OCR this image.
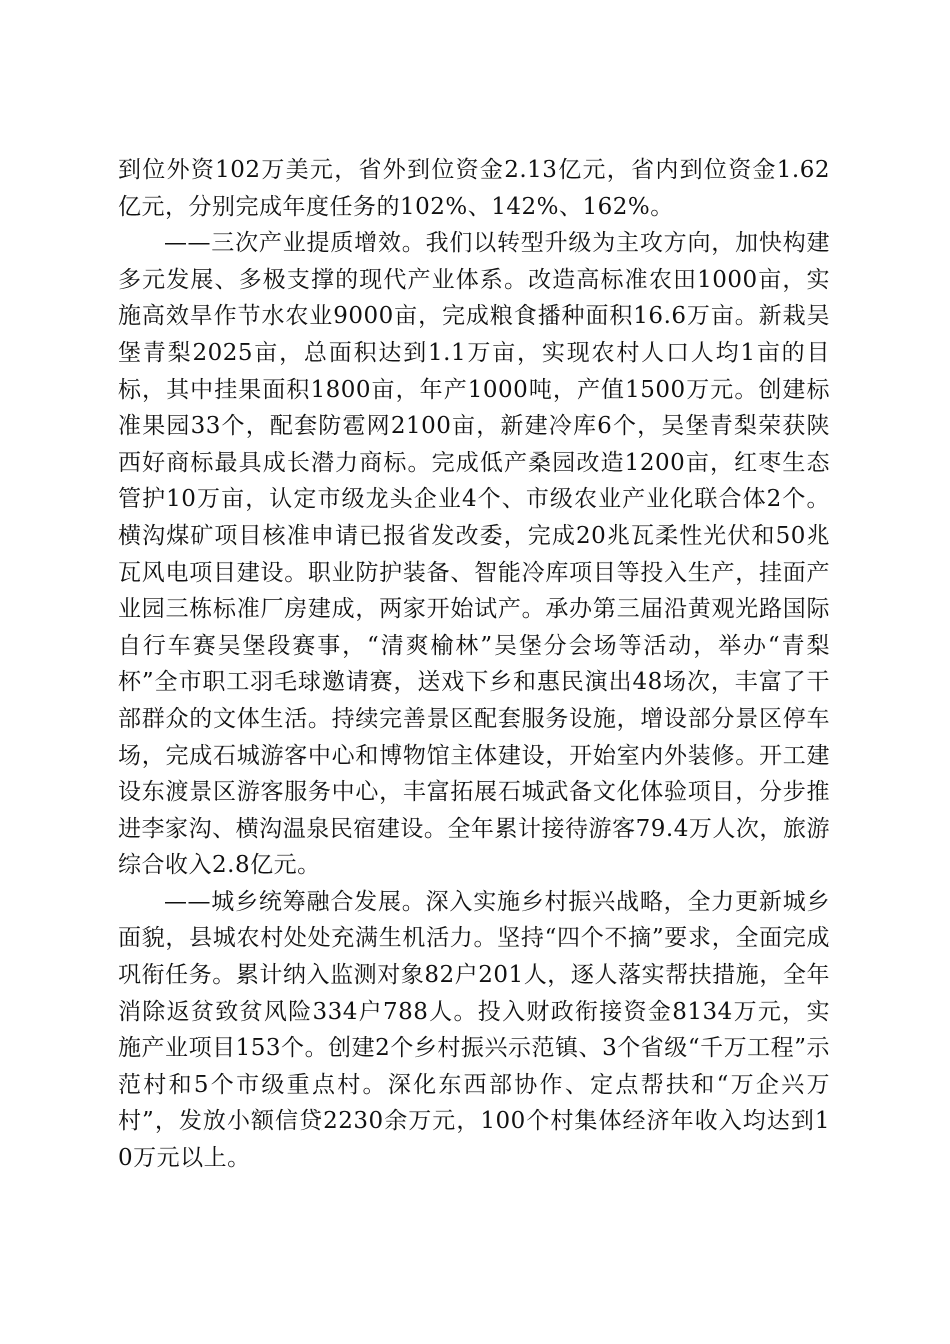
到位外资102万美元，省外到位资金2.13亿元，省内到位资金1.62亿元，分别完成年度任务的102%、142%、162%。

——三次产业提质增效。我们以转型升级为主攻方向，加快构建多元发展、多极支撑的现代产业体系。改造高标准农田1000亩，实施高效旱作节水农业9000亩，完成粮食播种面积16.6万亩。新栽吴堡青梨2025亩，总面积达到1.1万亩，实现农村人口人均1亩的目标，其中挂果面积1800亩，年产1000吨，产值1500万元。创建标准果园33个，配套防雹网2100亩，新建冷库6个，吴堡青梨荣获陕西好商标最具成长潜力商标。完成低产桑园改造1200亩，红枣生态管护10万亩，认定市级龙头企业4个、市级农业产业化联合体2个。横沟煤矿项目核准申请已报省发改委，完成20兆瓦柔性光伏和50兆瓦风电项目建设。职业防护装备、智能冷库项目等投入生产，挂面产业园三栋标准厂房建成，两家开始试产。承办第三届沿黄观光路国际自行车赛吴堡段赛事，“清爽榆林”吴堡分会场等活动，举办“青梨杯”全市职工羽毛球邀请赛，送戏下乡和惠民演出48场次，丰富了干部群众的文体生活。持续完善景区配套服务设施，增设部分景区停车场，完成石城游客中心和博物馆主体建设，开始室内外装修。开工建设东渡景区游客服务中心，丰富拓展石城武备文化体验项目，分步推进李家沟、横沟温泉民宿建设。全年累计接待游客79.4万人次，旅游综合收入2.8亿元。

——城乡统筹融合发展。深入实施乡村振兴战略，全力更新城乡面貌，县城农村处处充满生机活力。坚持“四个不摘”要求，全面完成巩衔任务。累计纳入监测对象82户201人，逐人落实帮扶措施，全年消除返贫致贫风险334户788人。投入财政衔接资金8134万元，实施产业项目153个。创建2个乡村振兴示范镇、3个省级“千万工程”示范村和5个市级重点村。深化东西部协作、定点帮扶和“万企兴万村”，发放小额信贷2230余万元，100个村集体经济年收入均达到10万元以上。
